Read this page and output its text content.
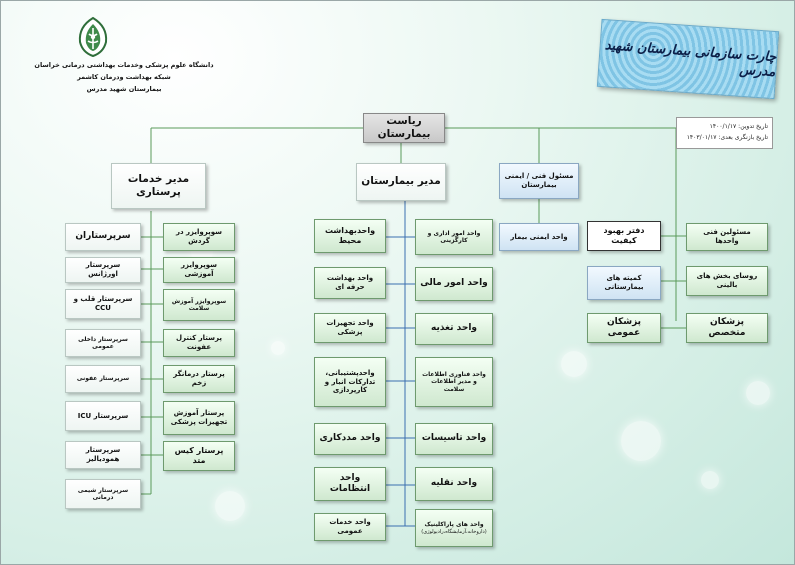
دانشگاه علوم پزشکی وخدمات بهداشتی درمانی خراسان
شبکه بهداشت ودرمان کاشمر
بیمارستان شهید مدرس
چارت سازمانی بیمارستان شهید مدرس
تاریخ تدوین: ۱۴۰۰/۱/۱۷
تاریخ بازنگری بعدی: ۱۴۰۳/۰۱/۱۷
ریاست بیمارستان
مدیر خدمات پرستاری
مدیر بیمارستان	مسئول فنی / ایمنی بیمارستان
واحد ایمنی بیمار
سوپروایزر در گردش
سوپروایزر آموزشی
سوپروایزر آموزش سلامت
پرستار کنترل عفونت
پرستار درمانگر زخم
پرستار آموزش تجهیزات پزشکی
پرستار کیس متد
سرپرستاران
سرپرستار اورژانس
سرپرستار قلب و CCU
سرپرستار داخلی عمومی
سرپرستار عفونی
سرپرستار ICU
سرپرستار همودیالیز
سرپرستار شیمی درمانی
واحدبهداشت محیط
واحد بهداشت حرفه ای
واحد تجهیزات پزشکی
واحدپشتیبانی، تدارکات انبار و کارپردازی
واحد مددکاری
واحد انتظامات
واحد خدمات عمومی
واحد امور اداری و کارگزینی
واحد امور مالی
واحد تغذیه
واحد فناوری اطلاعات و مدیر اطلاعات سلامت
واحد تاسیسات
واحد نقلیه
واحد های پاراکلینیک
(داروخانه،آزمایشگاه،رادیولوژی)
دفتر بهبود کیفیت
کمیته های بیمارستانی
پزشکان عمومی
مسئولین فنی واحدها
روسای بخش های بالینی
پزشکان متخصص
